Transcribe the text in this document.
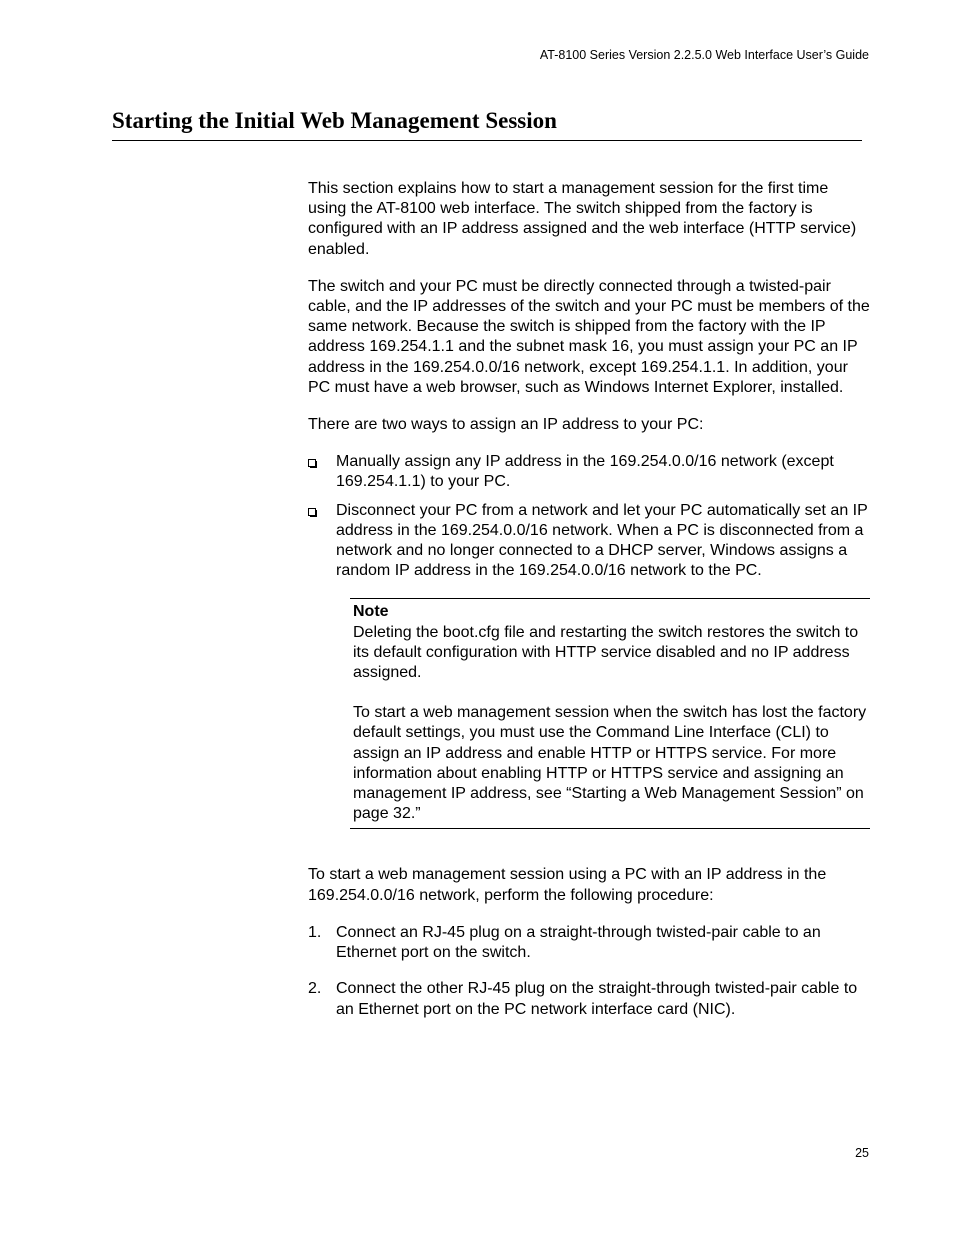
AT-8100 Series Version 2.2.5.0 Web Interface User’s Guide
Starting the Initial Web Management Session

This section explains how to start a management session for the first time using the AT-8100 web interface. The switch shipped from the factory is configured with an IP address assigned and the web interface (HTTP service) enabled.

The switch and your PC must be directly connected through a twisted-pair cable, and the IP addresses of the switch and your PC must be members of the same network. Because the switch is shipped from the factory with the IP address 169.254.1.1 and the subnet mask 16, you must assign your PC an IP address in the 169.254.0.0/16 network, except 169.254.1.1. In addition, your PC must have a web browser, such as Windows Internet Explorer, installed.

There are two ways to assign an IP address to your PC:

Manually assign any IP address in the 169.254.0.0/16 network (except 169.254.1.1) to your PC.
Disconnect your PC from a network and let your PC automatically set an IP address in the 169.254.0.0/16 network. When a PC is disconnected from a network and no longer connected to a DHCP server, Windows assigns a random IP address in the 169.254.0.0/16 network to the PC.
Note

Deleting the boot.cfg file and restarting the switch restores the switch to its default configuration with HTTP service disabled and no IP address assigned.

To start a web management session when the switch has lost the factory default settings, you must use the Command Line Interface (CLI) to assign an IP address and enable HTTP or HTTPS service. For more information about enabling HTTP or HTTPS service and assigning an management IP address, see “Starting a Web Management Session” on page 32.”

To start a web management session using a PC with an IP address in the 169.254.0.0/16 network, perform the following procedure:

1. Connect an RJ-45 plug on a straight-through twisted-pair cable to an Ethernet port on the switch.
2. Connect the other RJ-45 plug on the straight-through twisted-pair cable to an Ethernet port on the PC network interface card (NIC).
25
